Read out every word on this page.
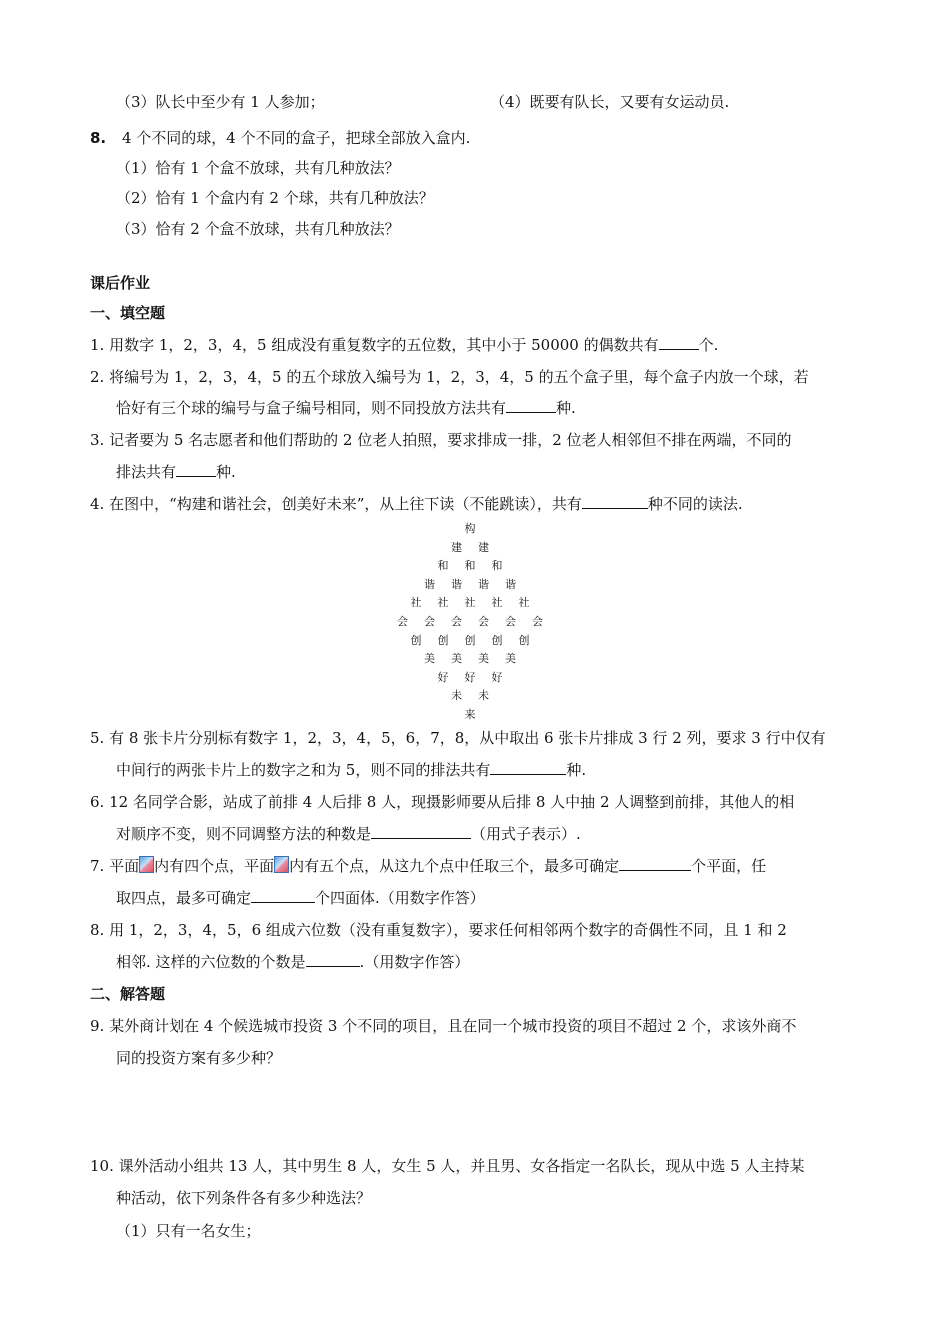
（3）队长中至少有 1 人参加；	（4）既要有队长，又要有女运动员.
8. 4 个不同的球，4 个不同的盒子，把球全部放入盒内.
（1）恰有 1 个盒不放球，共有几种放法？
（2）恰有 1 个盒内有 2 个球，共有几种放法？
（3）恰有 2 个盒不放球，共有几种放法？
课后作业
一、填空题
1. 用数字 1，2，3，4，5 组成没有重复数字的五位数，其中小于 50000 的偶数共有	个.
2. 将编号为 1，2，3，4，5 的五个球放入编号为 1，2，3，4，5 的五个盒子里，每个盒子内放一个球，若
恰好有三个球的编号与盒子编号相同，则不同投放方法共有	种.
3. 记者要为 5 名志愿者和他们帮助的 2 位老人拍照，要求排成一排，2 位老人相邻但不排在两端，不同的
排法共有	种.
4. 在图中，“构建和谐社会，创美好未来”，从上往下读（不能跳读），共有	种不同的读法.
构
建 建
和 和 和
谐 谐 谐 谐
社 社 社 社 社
会 会 会 会 会 会
创 创 创 创 创
美 美 美 美
好 好 好
未 未
来
5. 有 8 张卡片分别标有数字 1，2，3，4，5，6，7，8，从中取出 6 张卡片排成 3 行 2 列，要求 3 行中仅有
中间行的两张卡片上的数字之和为 5，则不同的排法共有	种.
6. 12 名同学合影，站成了前排 4 人后排 8 人，现摄影师要从后排 8 人中抽 2 人调整到前排，其他人的相
对顺序不变，则不同调整方法的种数是	（用式子表示）.
7. 平面 内有四个点，平面 内有五个点，从这九个点中任取三个，最多可确定	个平面，任
取四点，最多可确定	个四面体.（用数字作答）
8. 用 1，2，3，4，5，6 组成六位数（没有重复数字），要求任何相邻两个数字的奇偶性不同，且 1 和 2
相邻. 这样的六位数的个数是	.（用数字作答）
二、解答题
9. 某外商计划在 4 个候选城市投资 3 个不同的项目，且在同一个城市投资的项目不超过 2 个，求该外商不
同的投资方案有多少种？
10. 课外活动小组共 13 人，其中男生 8 人，女生 5 人，并且男、女各指定一名队长，现从中选 5 人主持某
种活动，依下列条件各有多少种选法？
（1）只有一名女生；
